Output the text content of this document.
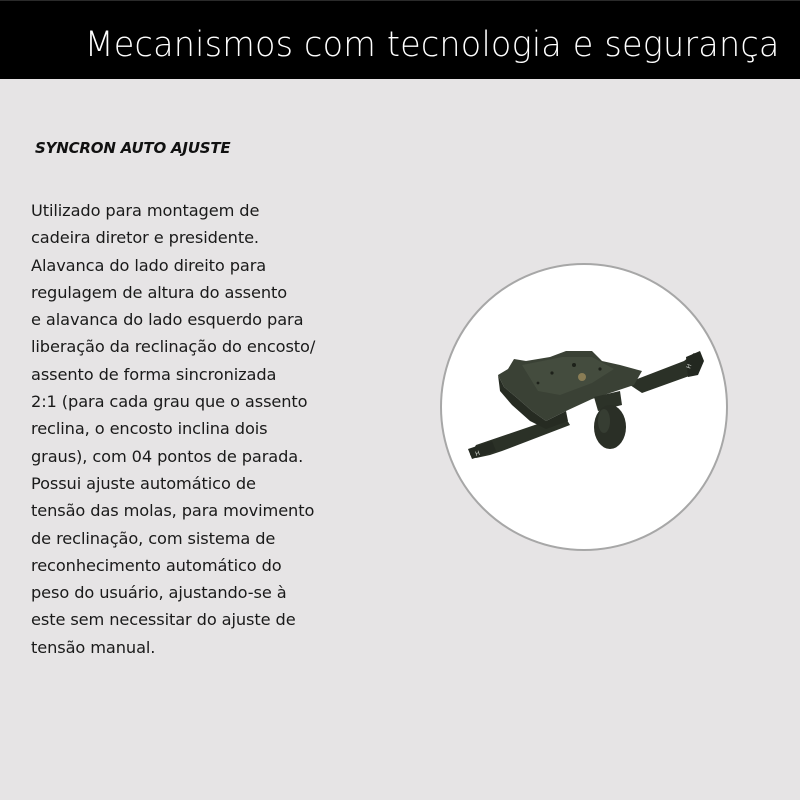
Mecanismos com tecnologia e segurança
SYNCRON AUTO AJUSTE

Utilizado para montagem de
cadeira diretor e presidente.
Alavanca do lado direito para
regulagem de altura do assento
e alavanca do lado esquerdo para
liberação da reclinação do encosto/
assento de forma sincronizada
2:1 (para cada grau que o assento
reclina, o encosto inclina dois
graus), com 04 pontos de parada.
Possui ajuste automático de
tensão das molas, para movimento
de reclinação, com sistema de
reconhecimento automático do
peso do usuário, ajustando-se à
este sem necessitar do ajuste de
tensão manual.

H
H
